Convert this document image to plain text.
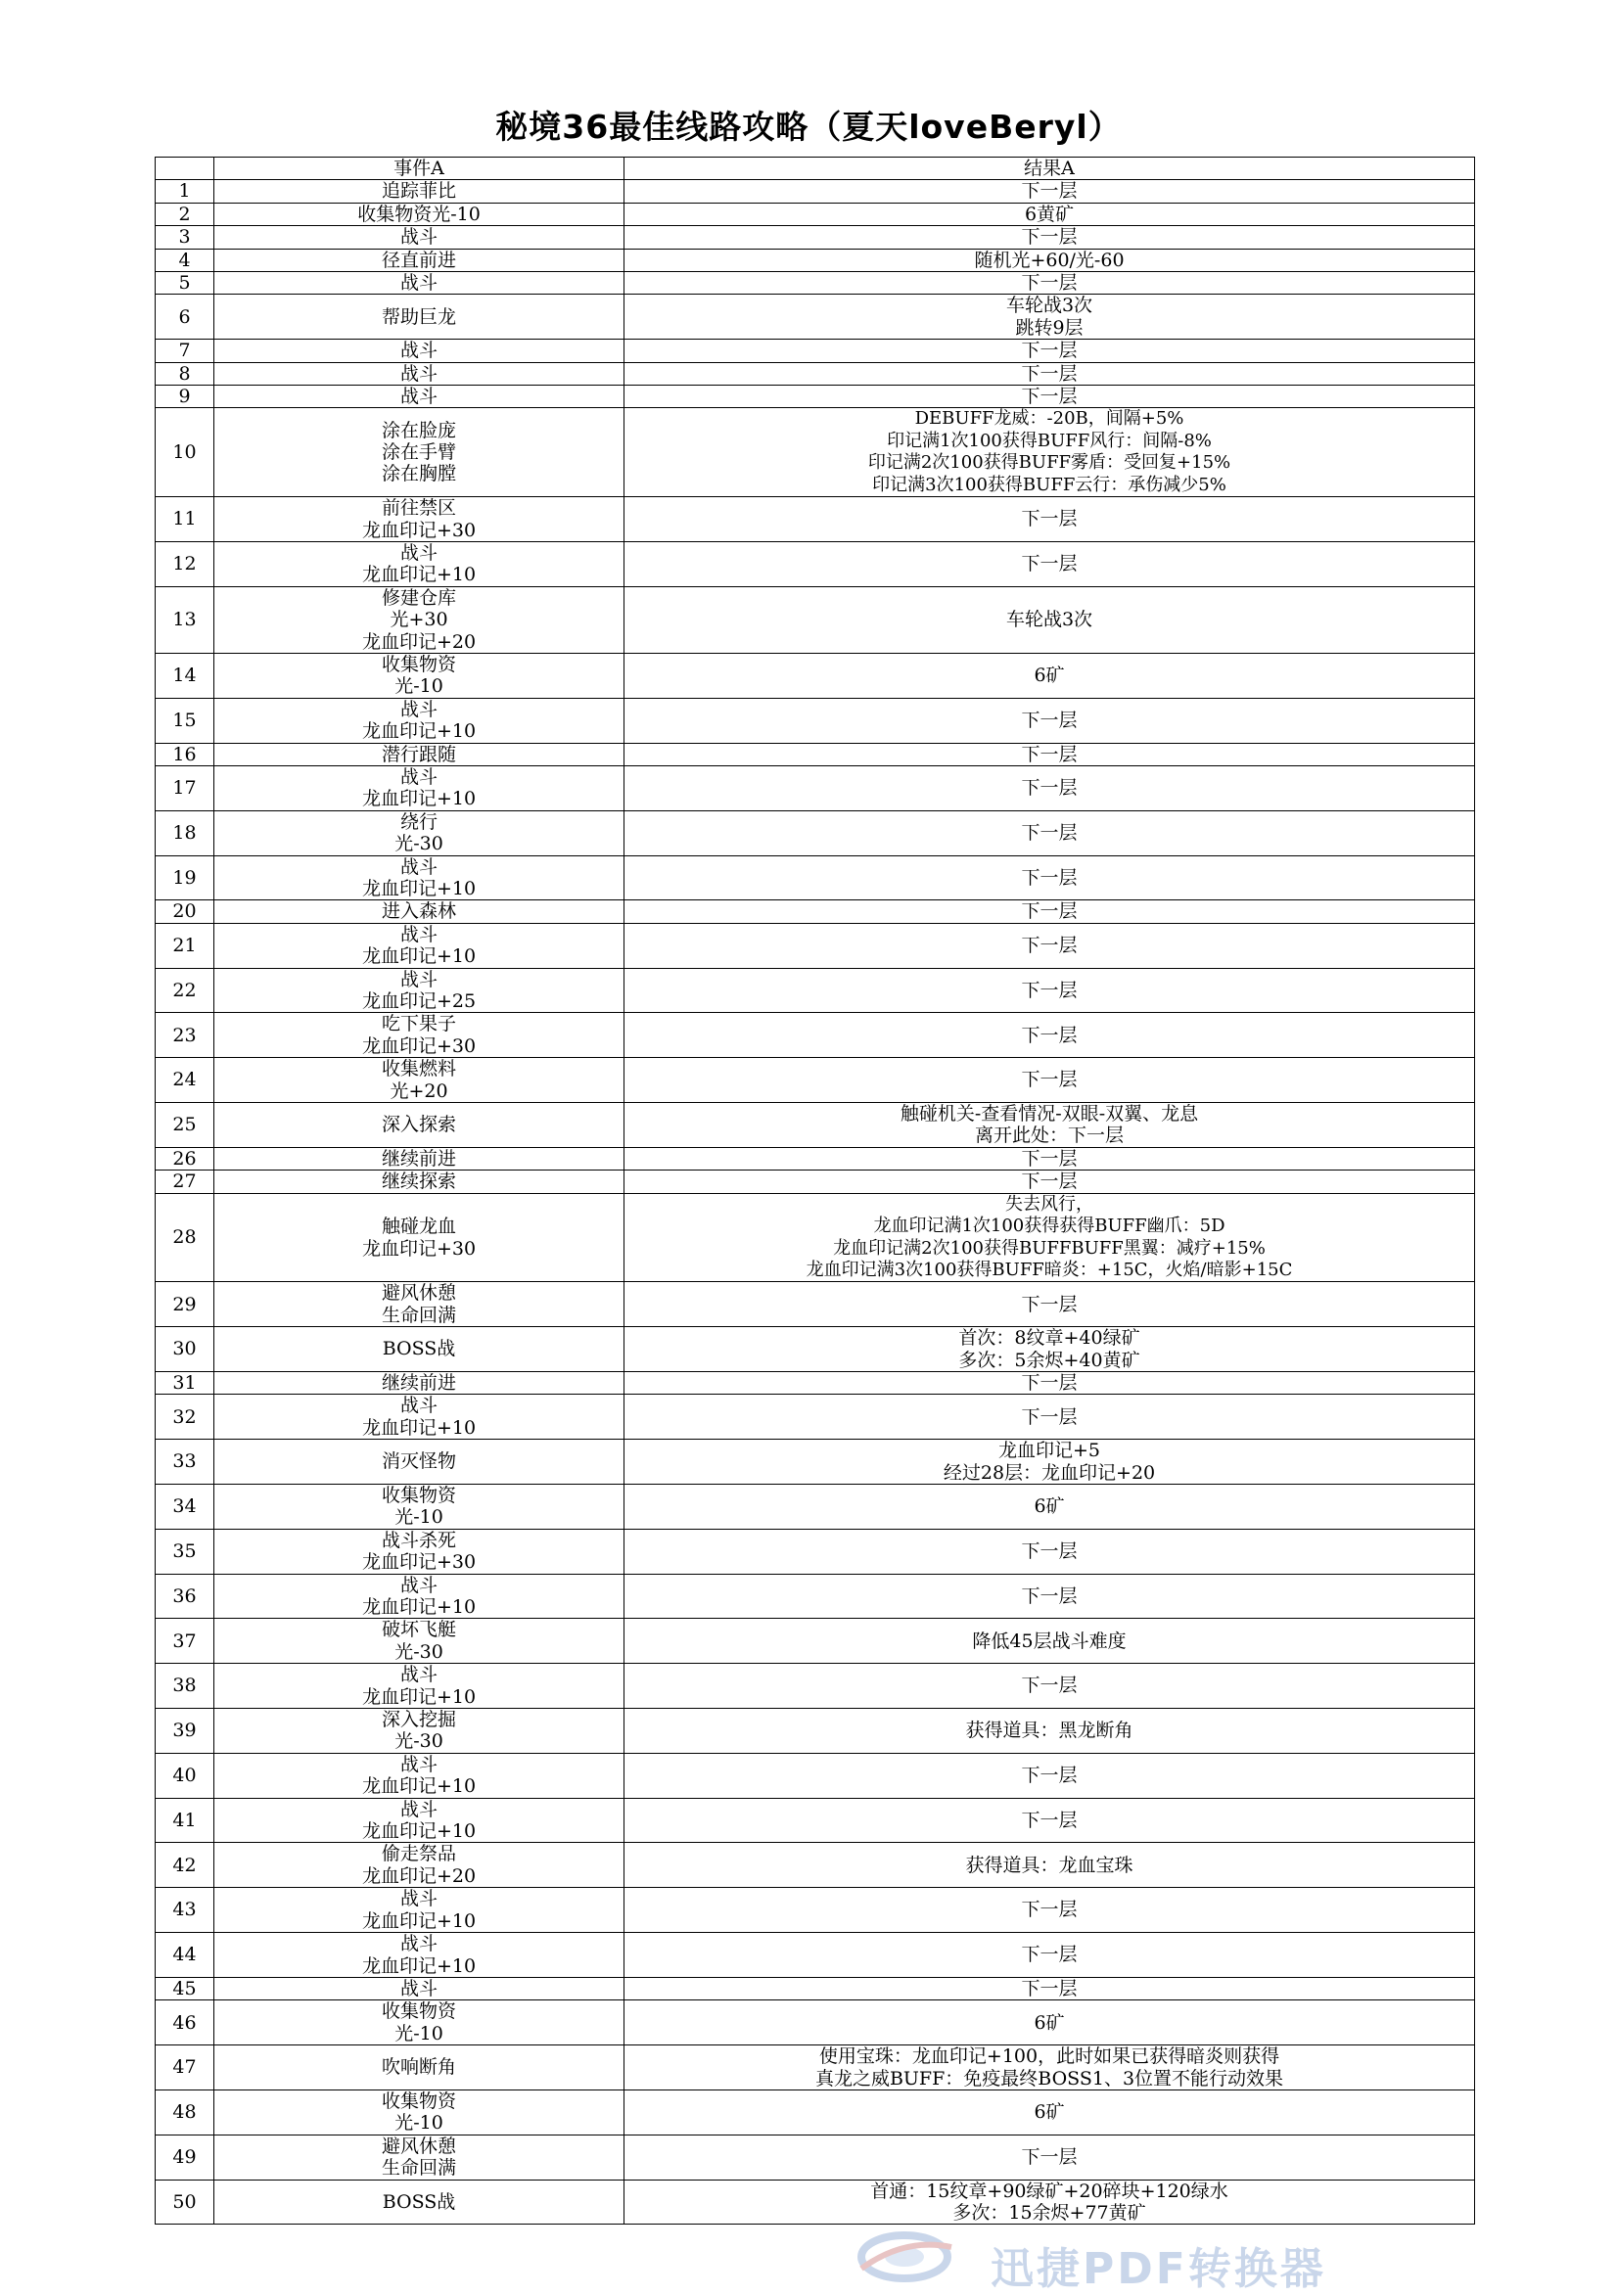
秘境36最佳线路攻略（夏天loveBeryl）
	事件A	结果A
1	追踪菲比	下一层

2	收集物资光-10	6黄矿

3	战斗	下一层

4	径直前进	随机光+60/光-60

5	战斗	下一层

6	帮助巨龙	车轮战3次
跳转9层

7	战斗	下一层

8	战斗	下一层

9	战斗	下一层

10	涂在脸庞
涂在手臂
涂在胸膛	DEBUFF龙威：-20B，间隔+5%
印记满1次100获得BUFF风行：间隔-8%
印记满2次100获得BUFF雾盾：受回复+15%
印记满3次100获得BUFF云行：承伤减少5%

11	前往禁区
龙血印记+30	下一层

12	战斗
龙血印记+10	下一层

13	修建仓库
光+30
龙血印记+20	车轮战3次

14	收集物资
光-10	6矿

15	战斗
龙血印记+10	下一层

16	潜行跟随	下一层

17	战斗
龙血印记+10	下一层

18	绕行
光-30	下一层

19	战斗
龙血印记+10	下一层

20	进入森林	下一层

21	战斗
龙血印记+10	下一层

22	战斗
龙血印记+25	下一层

23	吃下果子
龙血印记+30	下一层

24	收集燃料
光+20	下一层

25	深入探索	触碰机关-查看情况-双眼-双翼、龙息
离开此处：下一层

26	继续前进	下一层

27	继续探索	下一层

28	触碰龙血
龙血印记+30	失去风行，
龙血印记满1次100获得获得BUFF幽爪：5D
龙血印记满2次100获得BUFFBUFF黑翼：减疗+15%
龙血印记满3次100获得BUFF暗炎：+15C，火焰/暗影+15C

29	避风休憩
生命回满	下一层

30	BOSS战	首次：8纹章+40绿矿
多次：5余烬+40黄矿

31	继续前进	下一层

32	战斗
龙血印记+10	下一层

33	消灭怪物	龙血印记+5
经过28层：龙血印记+20

34	收集物资
光-10	6矿

35	战斗杀死
龙血印记+30	下一层

36	战斗
龙血印记+10	下一层

37	破坏飞艇
光-30	降低45层战斗难度

38	战斗
龙血印记+10	下一层

39	深入挖掘
光-30	获得道具：黑龙断角

40	战斗
龙血印记+10	下一层

41	战斗
龙血印记+10	下一层

42	偷走祭品
龙血印记+20	获得道具：龙血宝珠

43	战斗
龙血印记+10	下一层

44	战斗
龙血印记+10	下一层

45	战斗	下一层

46	收集物资
光-10	6矿

47	吹响断角	使用宝珠：龙血印记+100，此时如果已获得暗炎则获得
真龙之威BUFF：免疫最终BOSS1、3位置不能行动效果

48	收集物资
光-10	6矿

49	避风休憩
生命回满	下一层

50	BOSS战	首通：15纹章+90绿矿+20碎块+120绿水
多次：15余烬+77黄矿
迅捷PDF转换器
